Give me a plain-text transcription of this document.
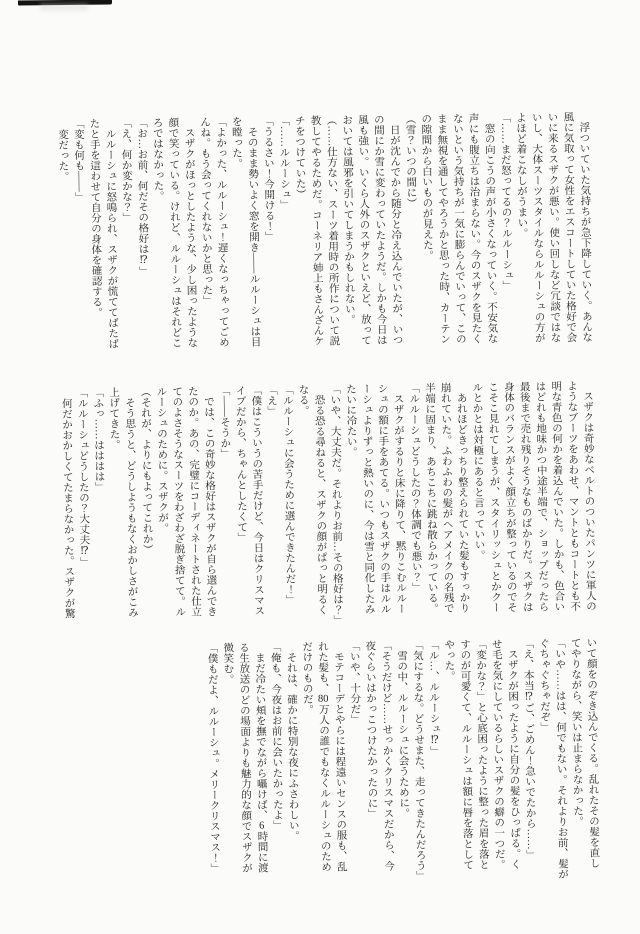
　浮ついていた気持ちが急下降していく。あんな
風に気取って女性をエスコートしていた格好で会
いに来るスザクが悪い。使い回しなど冗談ではな
いし、大体スーツスタイルならルルーシュの方が
よほど着こなしがうまい。
「……まだ怒ってるの？ルルーシュ」
　窓の向こうの声が小さくなっていく。不安気な
声にも腹立ちは治まらない。今のスザクを見たく
ないという気持ちが一気に膨らんでいって、この
まま無視を通してやろうかと思った時、カーテン
の隙間から白いものが見えた。
（雪？いつの間に）
　日が沈んでから随分と冷え込んでいたが、いつ
の間にか雪に変わっていたようだ。しかも今日は
風も強い。いくら人外のスザクといえど、放って
おいては風邪を引いてしまうかもしれない。
（……仕方ない、スーツ着用時の所作について説
教してやるためだ。コーネリア姉上もさんざんケ
チをつけていた）
「……ルルーシュ」
「うるさい！今開ける！」
　そのまま勢いよく窓を開き――ルルーシュは目
を瞠った。
「よかった、ルルーシュ！遅くなっちゃってごめ
んね。もう会ってくれないかと思った」
　スザクがほっとしたような、少し困ったような
顔で笑っている。けれど、ルルーシュはそれどこ
ろではなかった。
「お…お前、何だその格好は⁉」
「え、何か変かな？」
　ルルーシュに怒鳴られ、スザクが慌ててばたば
たと手を這わせて自分の身体を確認する。
「変も何も――」
　変だった。
　スザクは奇妙なベルトのついたパンツに軍人の
ようなブーツをあわせ、マントともコートとも不
明な青色の何かを着込んでいた。しかも、色合い
はどれも地味かつ中途半端で、ショップだったら
最後まで売れ残りそうなものばかりだ。スザクは
身体のバランスがよく顔立ちが整っているのでそ
こそこ見れてしまうが、スタイリッシュとかクー
ルとかとは対極にあると言っていい。
　あれほどきっちり整えられていた髪もすっかり
崩れていた。ふわふわの髪がヘアメイクの名残で
半端に固まり、あちこちに跳ね散らかっている。
「ルルーシュどうしたの？体調でも悪い？」
　スザクがするりと床に降りて、黙りこむルルー
シュの額に手をあてる。いつもスザクの手はルル
ーシュよりずっと熱いのに、今は雪と同化したみ
たいに冷たい。
「いや、大丈夫だ。それよりお前…その格好は？」
　恐る恐る尋ねると、スザクの顔がぱっと明るく
なる。
「ルルーシュに会うために選んできたんだ！」
「え」
「僕はこういうの苦手だけど、今日はクリスマス
イブだから、ちゃんとしたくて」
「――そうか」
　では、この奇妙な格好はスザクが自ら選んでき
たのか。あの、完璧にコーディネートされた仕立
てのよさそうなスーツをわざわざ脱ぎ捨てて。ル
ルーシュのために。スザクが。
（それが、よりにもよってこれか）
　そう思うと、どうしようもなくおかしさがこみ
上げてきた。
「ふっ……はははは」
「ルルーシュどうしたの？大丈夫⁉」
　何だかおかしくてたまらなかった。スザクが驚
いて顔をのぞき込んでくる。乱れたその髪を直し
てやりながら、笑いは止まらなかった。
「いや……はは、何でもない。それよりお前、髪が
ぐちゃぐちゃだぞ」
「え、本当⁉ご、ごめん！急いでたから……」
　スザクが困ったように自分の髪をひっぱる。く
せ毛を気にしているらしいスザクの癖の一つだ。
「変かな？」と心底困ったように整った眉を落と
すのが可愛くて、ルルーシュは額に唇を落として
やった。
「ル…、ルルーシュ⁉」
「気にするな。どうせまた、走ってきたんだろう」
　雪の中、ルルーシュに会うために。
「そうだけど……せっかくクリスマスだから、今
夜ぐらいはかっこつけたかったのに」
「いや、十分だ」
　モテコーデとやらには程遠いセンスの服も、乱
れた髪も、80万人の誰でもなくルルーシュのため
だけのものだ。
　それは、確かに特別な夜にふさわしい。
「俺も、今夜はお前に会いたかったよ」
　まだ冷たい頬を撫でながら囁けば、6時間に渡
る生放送のどの場面よりも魅力的な顔でスザクが
微笑む。
「僕もだよ、ルルーシュ。メリークリスマス！」
